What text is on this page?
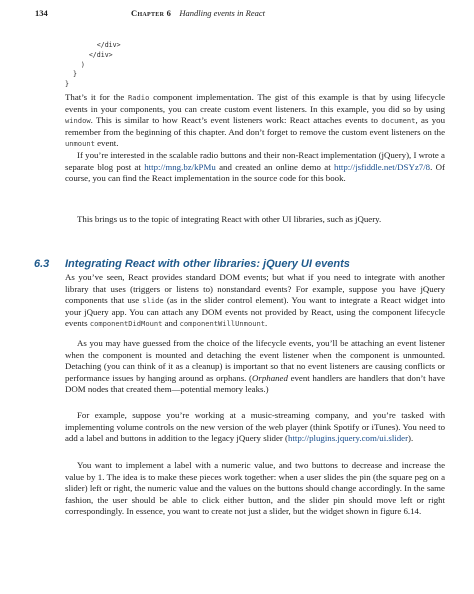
134	Chapter 6 Handling events in React
</div>
</div>
)
}
}

That’s it for the Radio component implementation. The gist of this example is that by using lifecycle events in your components, you can create custom event listeners. In this example, you did so by using window. This is similar to how React’s event listeners work: React attaches events to document, as you remember from the beginning of this chapter. And don’t forget to remove the custom event listeners on the unmount event.

If you’re interested in the scalable radio buttons and their non-React implementation (jQuery), I wrote a separate blog post at http://mng.bz/kPMu and created an online demo at http://jsfiddle.net/DSYz7/8. Of course, you can find the React implementation in the source code for this book.

This brings us to the topic of integrating React with other UI libraries, such as jQuery.

6.3 Integrating React with other libraries: jQuery UI events

As you’ve seen, React provides standard DOM events; but what if you need to integrate with another library that uses (triggers or listens to) nonstandard events? For example, suppose you have jQuery components that use slide (as in the slider control element). You want to integrate a React widget into your jQuery app. You can attach any DOM events not provided by React, using the component lifecycle events componentDidMount and componentWillUnmount.

As you may have guessed from the choice of the lifecycle events, you’ll be attaching an event listener when the component is mounted and detaching the event listener when the component is unmounted. Detaching (you can think of it as a cleanup) is important so that no event listeners are causing conflicts or performance issues by hanging around as orphans. (Orphaned event handlers are handlers that don’t have DOM nodes that created them—potential memory leaks.)

For example, suppose you’re working at a music-streaming company, and you’re tasked with implementing volume controls on the new version of the web player (think Spotify or iTunes). You need to add a label and buttons in addition to the legacy jQuery slider (http://plugins.jquery.com/ui.slider).

You want to implement a label with a numeric value, and two buttons to decrease and increase the value by 1. The idea is to make these pieces work together: when a user slides the pin (the square peg on a slider) left or right, the numeric value and the values on the buttons should change accordingly. In the same fashion, the user should be able to click either button, and the slider pin should move left or right correspondingly. In essence, you want to create not just a slider, but the widget shown in figure 6.14.
